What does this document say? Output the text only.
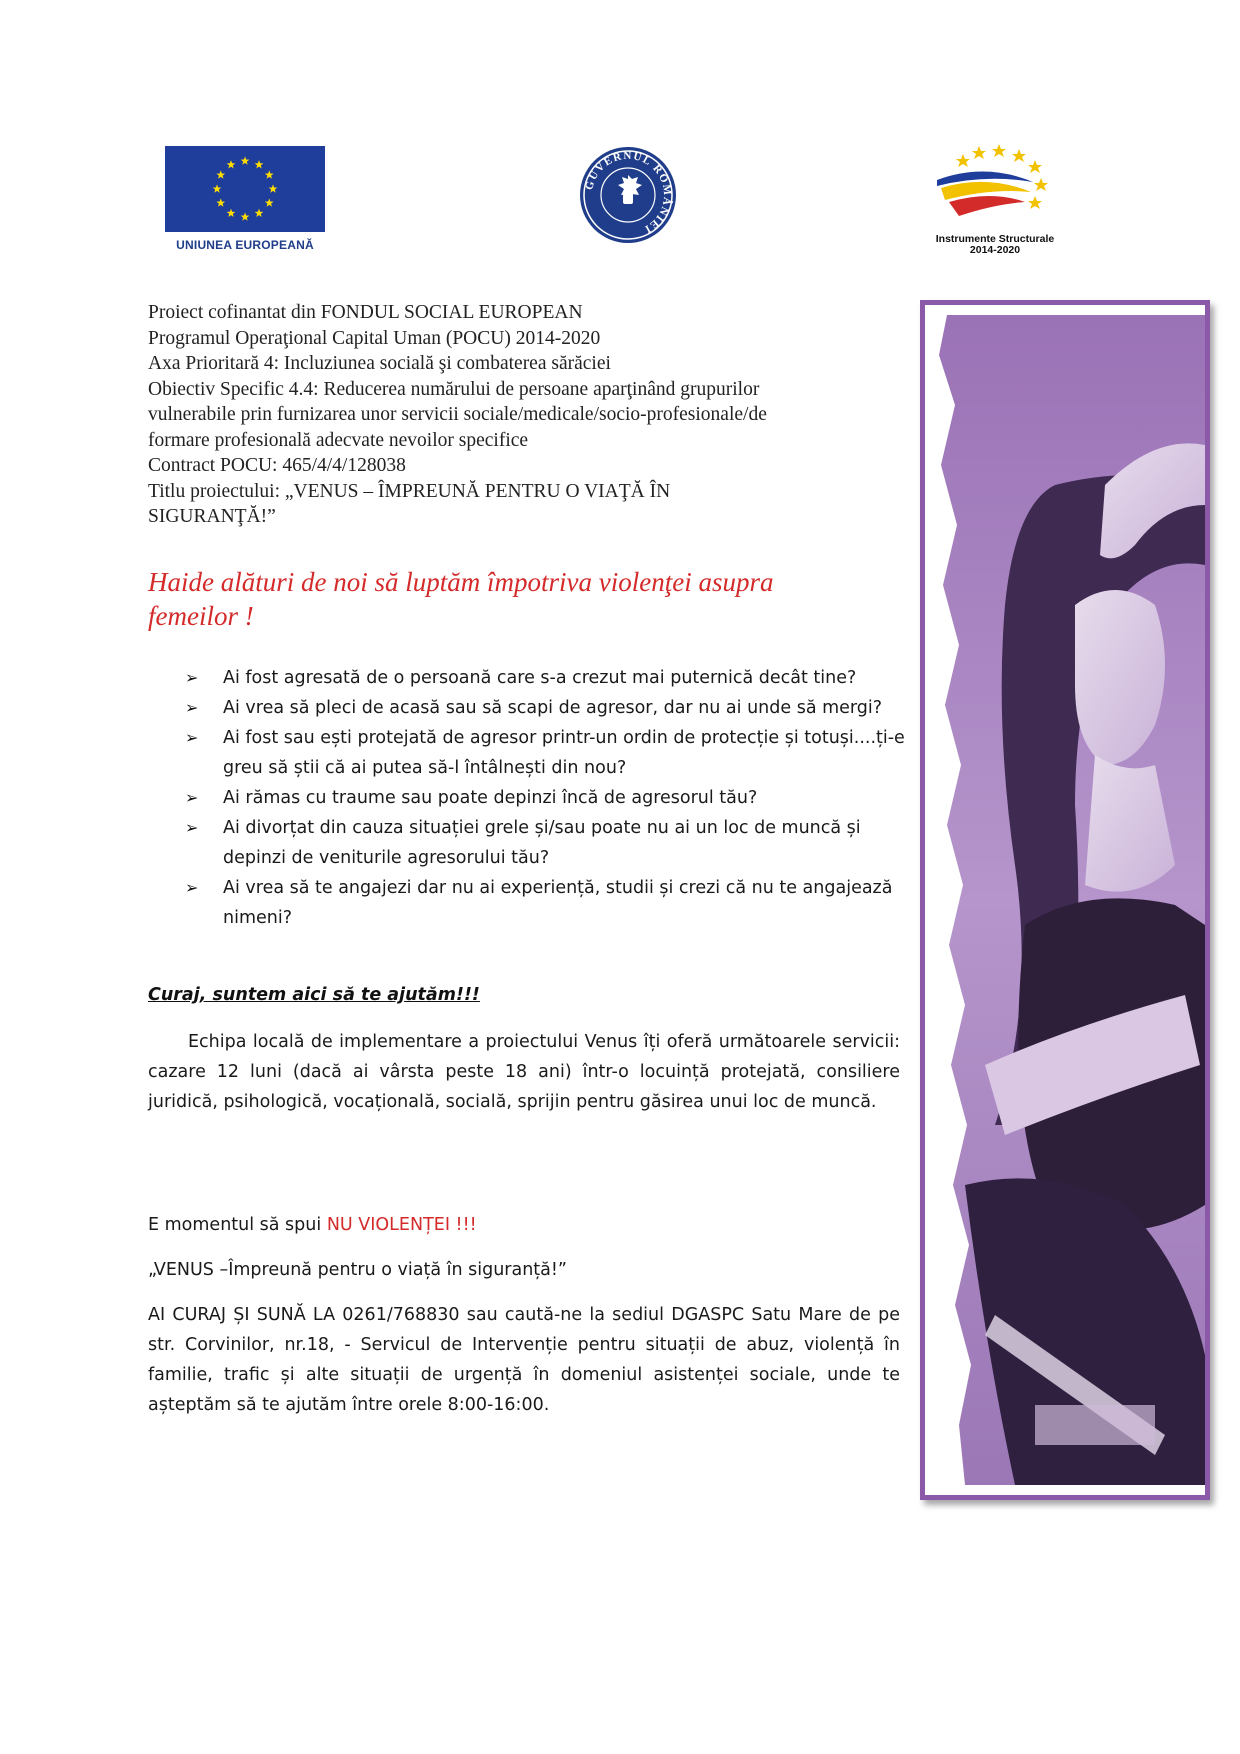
UNIUNEA EUROPEANĂ
GUVERNUL ROMÂNIEI
Instrumente Structurale
2014-2020
Proiect cofinantat din FONDUL SOCIAL EUROPEAN
Programul Operaţional Capital Uman (POCU) 2014-2020
Axa Prioritară 4: Incluziunea socială şi combaterea sărăciei
Obiectiv Specific 4.4: Reducerea numărului de persoane aparţinând grupurilor
vulnerabile prin furnizarea unor servicii sociale/medicale/socio-profesionale/de
formare profesională adecvate nevoilor specifice
Contract POCU: 465/4/4/128038
Titlu proiectului: „VENUS – ÎMPREUNĂ PENTRU O VIAŢĂ ÎN
SIGURANŢĂ!”
Haide alături de noi să luptăm împotriva violenţei asupra femeilor !
➢ Ai fost agresată de o persoană care s-a crezut mai puternică decât tine?
➢ Ai vrea să pleci de acasă sau să scapi de agresor, dar nu ai unde să mergi?
➢ Ai fost sau ești protejată de agresor printr-un ordin de protecție și totuși....ți-e greu să știi că ai putea să-l întâlnești din nou?
➢ Ai rămas cu traume sau poate depinzi încă de agresorul tău?
➢ Ai divorțat din cauza situației grele și/sau poate nu ai un loc de muncă și depinzi de veniturile agresorului tău?
➢ Ai vrea să te angajezi dar nu ai experiență, studii și crezi că nu te angajează nimeni?
Curaj, suntem aici să te ajutăm!!!

Echipa locală de implementare a proiectului Venus îți oferă următoarele servicii: cazare 12 luni (dacă ai vârsta peste 18 ani) într-o locuință protejată, consiliere juridică, psihologică, vocațională, socială, sprijin pentru găsirea unui loc de muncă.

E momentul să spui NU VIOLENȚEI !!!
„VENUS –Împreună pentru o viață în siguranță!”

AI CURAJ ȘI SUNĂ LA 0261/768830 sau caută-ne la sediul DGASPC Satu Mare de pe str. Corvinilor, nr.18, - Servicul de Intervenție pentru situații de abuz, violență în familie, trafic și alte situații de urgență în domeniul asistenței sociale, unde te așteptăm să te ajutăm între orele 8:00-16:00.
